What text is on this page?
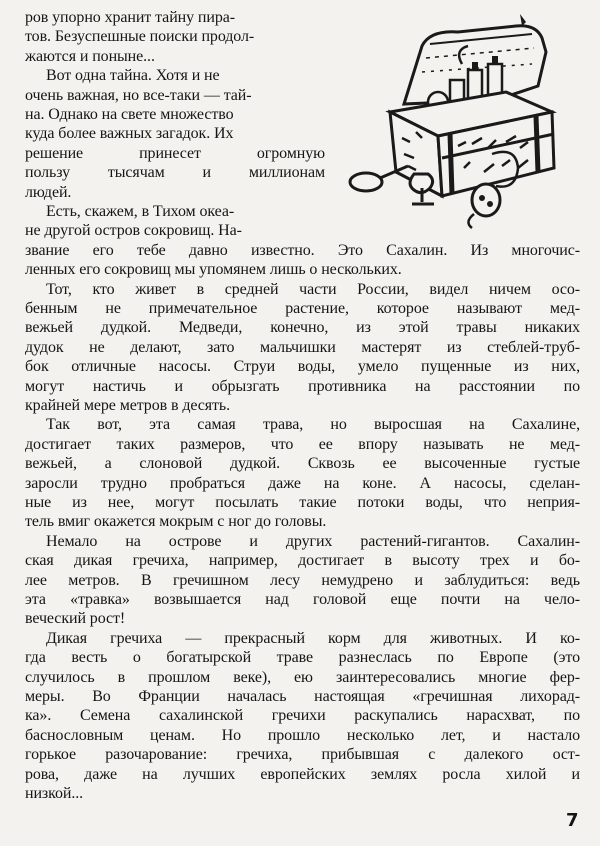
ров упорно хранит тайну пира-
тов. Безуспешные поиски продол-
жаются и поныне...
Вот одна тайна. Хотя и не
очень важная, но все-таки — тай-
на. Однако на свете множество
куда более важных загадок. Их
решение принесет огромную
пользу тысячам и миллионам
людей.
Есть, скажем, в Тихом океа-
не другой остров сокровищ. На-
звание его тебе давно известно. Это Сахалин. Из многочис-
ленных его сокровищ мы упомянем лишь о нескольких.
Тот, кто живет в средней части России, видел ничем осо-
бенным не примечательное растение, которое называют мед-
вежьей дудкой. Медведи, конечно, из этой травы никаких
дудок не делают, зато мальчишки мастерят из стеблей-труб-
бок отличные насосы. Струи воды, умело пущенные из них,
могут настичь и обрызгать противника на расстоянии по
крайней мере метров в десять.
Так вот, эта самая трава, но выросшая на Сахалине,
достигает таких размеров, что ее впору называть не мед-
вежьей, а слоновой дудкой. Сквозь ее высоченные густые
заросли трудно пробраться даже на коне. А насосы, сделан-
ные из нее, могут посылать такие потоки воды, что неприя-
тель вмиг окажется мокрым с ног до головы.
Немало на острове и других растений-гигантов. Сахалин-
ская дикая гречиха, например, достигает в высоту трех и бо-
лее метров. В гречишном лесу немудрено и заблудиться: ведь
эта «травка» возвышается над головой еще почти на чело-
веческий рост!
Дикая гречиха — прекрасный корм для животных. И ко-
гда весть о богатырской траве разнеслась по Европе (это
случилось в прошлом веке), ею заинтересовались многие фер-
меры. Во Франции началась настоящая «гречишная лихорад-
ка». Семена сахалинской гречихи раскупались нарасхват, по
баснословным ценам. Но прошло несколько лет, и настало
горькое разочарование: гречиха, прибывшая с далекого ост-
рова, даже на лучших европейских землях росла хилой и
низкой...
7
